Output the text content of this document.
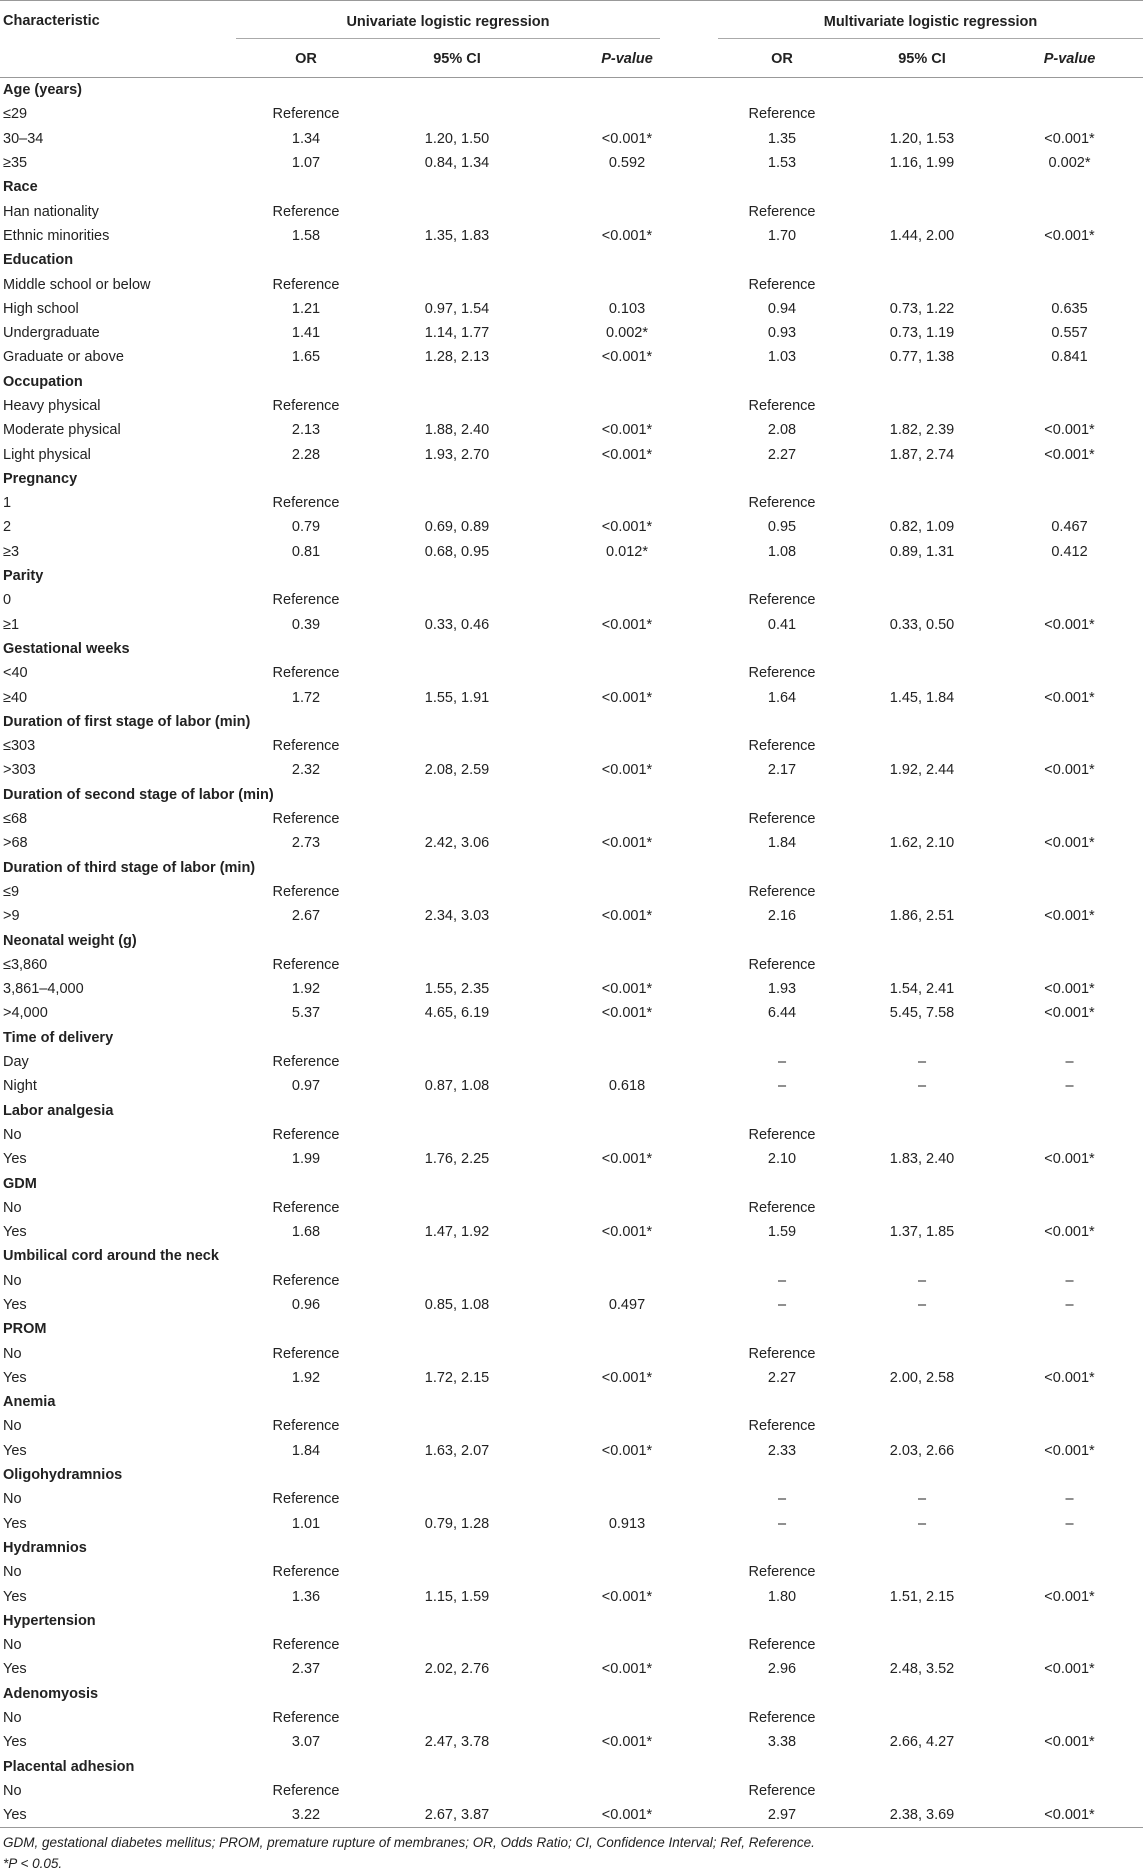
Characteristic	Univariate logistic regression			Multivariate logistic regression		

	OR	95% CI	P-value	OR	95% CI	P-value
Age (years)						
≤29	Reference			Reference		
30–34	1.34	1.20, 1.50	<0.001*	1.35	1.20, 1.53	<0.001*
≥35	1.07	0.84, 1.34	0.592	1.53	1.16, 1.99	0.002*
Race						
Han nationality	Reference			Reference		
Ethnic minorities	1.58	1.35, 1.83	<0.001*	1.70	1.44, 2.00	<0.001*
Education						
Middle school or below	Reference			Reference		
High school	1.21	0.97, 1.54	0.103	0.94	0.73, 1.22	0.635
Undergraduate	1.41	1.14, 1.77	0.002*	0.93	0.73, 1.19	0.557
Graduate or above	1.65	1.28, 2.13	<0.001*	1.03	0.77, 1.38	0.841
Occupation						
Heavy physical	Reference			Reference		
Moderate physical	2.13	1.88, 2.40	<0.001*	2.08	1.82, 2.39	<0.001*
Light physical	2.28	1.93, 2.70	<0.001*	2.27	1.87, 2.74	<0.001*
Pregnancy						
1	Reference			Reference		
2	0.79	0.69, 0.89	<0.001*	0.95	0.82, 1.09	0.467
≥3	0.81	0.68, 0.95	0.012*	1.08	0.89, 1.31	0.412
Parity						
0	Reference			Reference		
≥1	0.39	0.33, 0.46	<0.001*	0.41	0.33, 0.50	<0.001*
Gestational weeks						
<40	Reference			Reference		
≥40	1.72	1.55, 1.91	<0.001*	1.64	1.45, 1.84	<0.001*
Duration of first stage of labor (min)						
≤303	Reference			Reference		
>303	2.32	2.08, 2.59	<0.001*	2.17	1.92, 2.44	<0.001*
Duration of second stage of labor (min)						
≤68	Reference			Reference		
>68	2.73	2.42, 3.06	<0.001*	1.84	1.62, 2.10	<0.001*
Duration of third stage of labor (min)						
≤9	Reference			Reference		
>9	2.67	2.34, 3.03	<0.001*	2.16	1.86, 2.51	<0.001*
Neonatal weight (g)						
≤3,860	Reference			Reference		
3,861–4,000	1.92	1.55, 2.35	<0.001*	1.93	1.54, 2.41	<0.001*
>4,000	5.37	4.65, 6.19	<0.001*	6.44	5.45, 7.58	<0.001*
Time of delivery						
Day	Reference			–	–	–
Night	0.97	0.87, 1.08	0.618	–	–	–
Labor analgesia						
No	Reference			Reference		
Yes	1.99	1.76, 2.25	<0.001*	2.10	1.83, 2.40	<0.001*
GDM						
No	Reference			Reference		
Yes	1.68	1.47, 1.92	<0.001*	1.59	1.37, 1.85	<0.001*
Umbilical cord around the neck						
No	Reference			–	–	–
Yes	0.96	0.85, 1.08	0.497	–	–	–
PROM						
No	Reference			Reference		
Yes	1.92	1.72, 2.15	<0.001*	2.27	2.00, 2.58	<0.001*
Anemia						
No	Reference			Reference		
Yes	1.84	1.63, 2.07	<0.001*	2.33	2.03, 2.66	<0.001*
Oligohydramnios						
No	Reference			–	–	–
Yes	1.01	0.79, 1.28	0.913	–	–	–
Hydramnios						
No	Reference			Reference		
Yes	1.36	1.15, 1.59	<0.001*	1.80	1.51, 2.15	<0.001*
Hypertension						
No	Reference			Reference		
Yes	2.37	2.02, 2.76	<0.001*	2.96	2.48, 3.52	<0.001*
Adenomyosis						
No	Reference			Reference		
Yes	3.07	2.47, 3.78	<0.001*	3.38	2.66, 4.27	<0.001*
Placental adhesion						
No	Reference			Reference		
Yes	3.22	2.67, 3.87	<0.001*	2.97	2.38, 3.69	<0.001*
GDM, gestational diabetes mellitus; PROM, premature rupture of membranes; OR, Odds Ratio; CI, Confidence Interval; Ref, Reference.
*P < 0.05.
